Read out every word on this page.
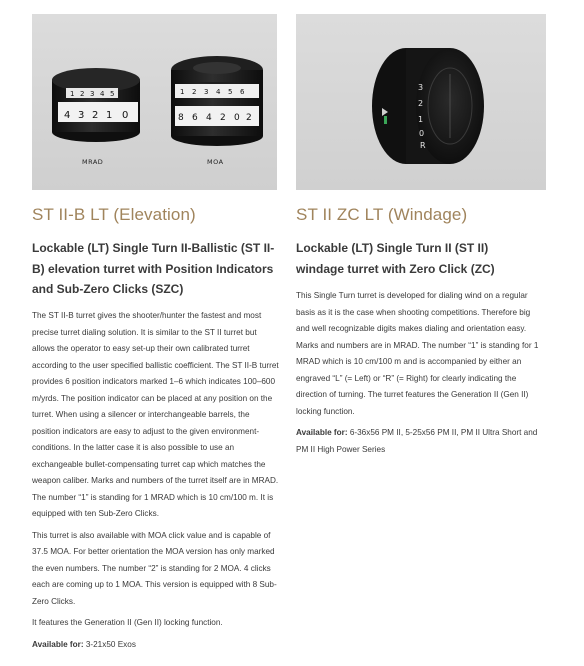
4 3 2 1 0
1 2 3 4 5	1 2 3 4 5 6
8 6 4 2 0 2
MRAD	MOA
ST II-B LT (Elevation)
Lockable (LT) Single Turn II-Ballistic (ST II-B) elevation turret with Position Indicators and Sub-Zero Clicks (SZC)

The ST II-B turret gives the shooter/hunter the fastest and most precise turret dialing solution. It is similar to the ST II turret but allows the operator to easy set-up their own calibrated turret according to the user specified ballistic coefficient. The ST II-B turret provides 6 position indicators marked 1–6 which indicates 100–600 m/yrds. The position indicator can be placed at any position on the turret. When using a silencer or interchangeable barrels, the position indicators are easy to adjust to the given environment-conditions. In the latter case it is also possible to use an exchangeable bullet-compensating turret cap which matches the weapon caliber. Marks and numbers of the turret itself are in MRAD. The number “1” is standing for 1 MRAD which is 10 cm/100 m. It is equipped with ten Sub-Zero Clicks.

This turret is also available with MOA click value and is capable of 37.5 MOA. For better orientation the MOA version has only marked the even numbers. The number “2” is standing for 2 MOA. 4 clicks each are coming up to 1 MOA. This version is equipped with 8 Sub-Zero Clicks.

It features the Generation II (Gen II) locking function.

Available for: 3-21x50 Exos

3
2
1
0
R
ST II ZC LT (Windage)
Lockable (LT) Single Turn II (ST II) windage turret with Zero Click (ZC)

This Single Turn turret is developed for dialing wind on a regular basis as it is the case when shooting competitions. Therefore big and well recognizable digits makes dialing and orientation easy. Marks and numbers are in MRAD. The number “1” is standing for 1 MRAD which is 10 cm/100 m and is accompanied by either an engraved “L” (= Left) or “R” (= Right) for clearly indicating the direction of turning. The turret features the Generation II (Gen II) locking function.

Available for: 6-36x56 PM II, 5-25x56 PM II, PM II Ultra Short and PM II High Power Series
